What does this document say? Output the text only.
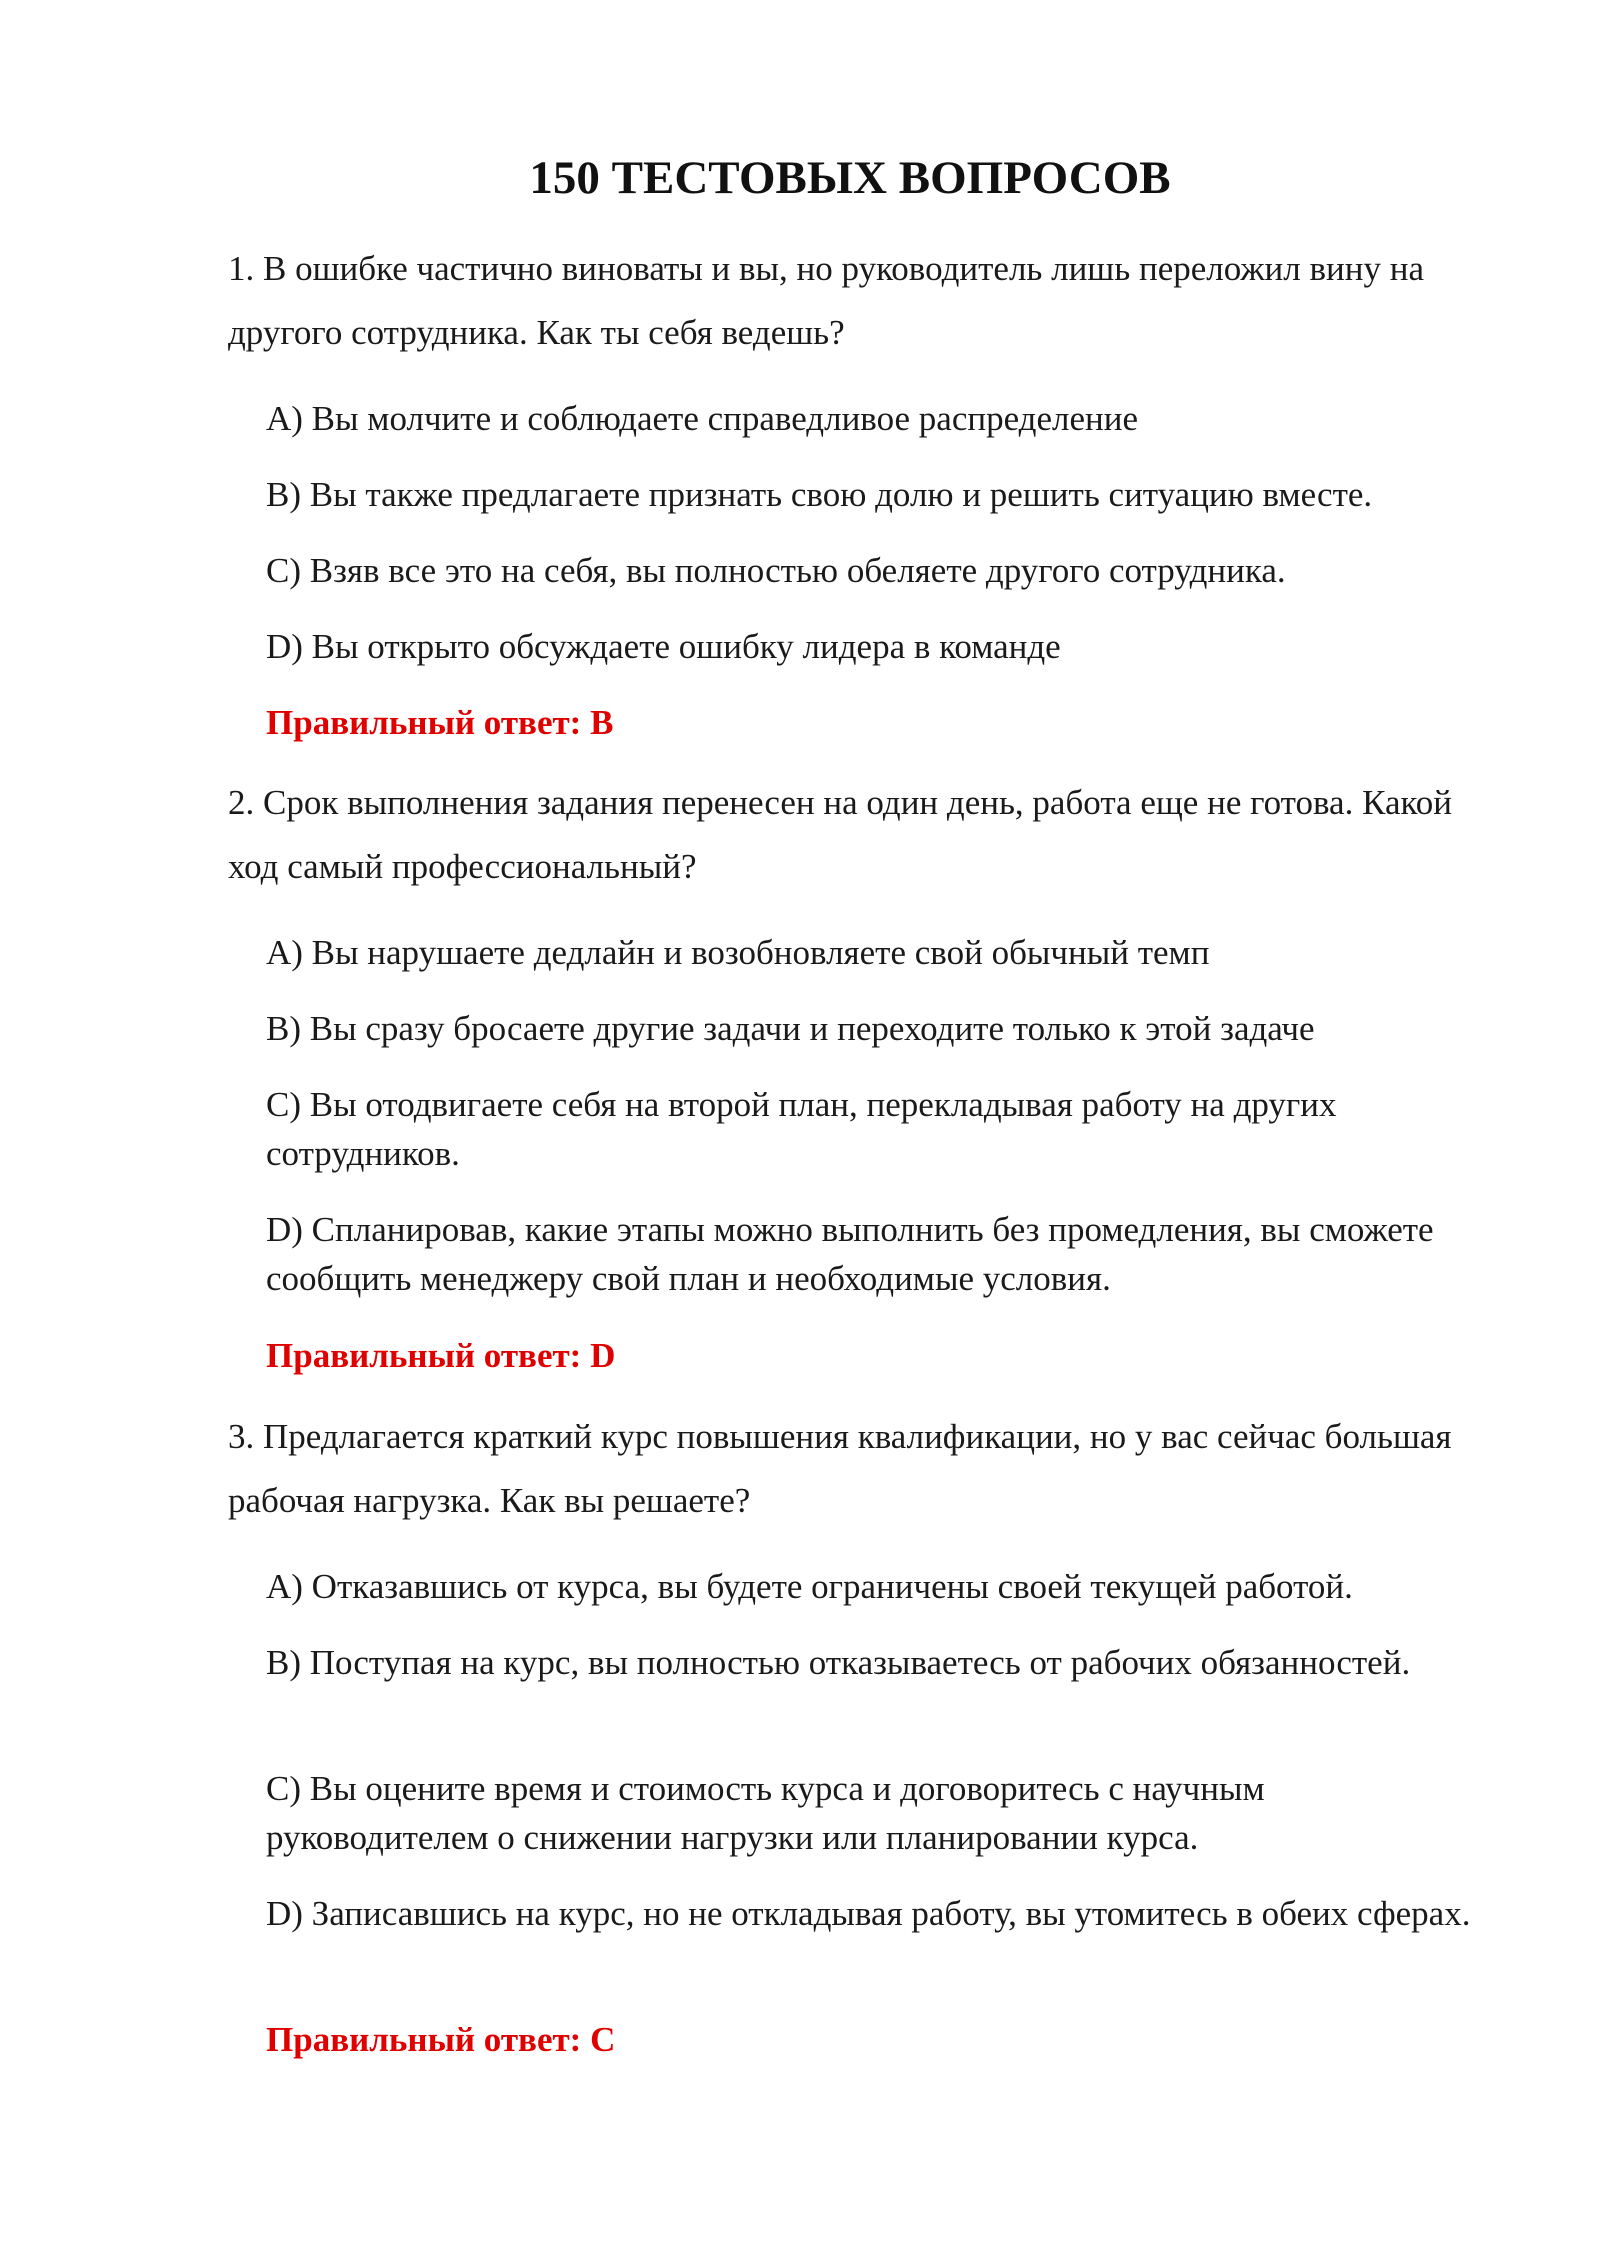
150 ТЕСТОВЫХ ВОПРОСОВ

1. В ошибке частично виноваты и вы, но руководитель лишь переложил вину на другого сотрудника. Как ты себя ведешь?

A) Вы молчите и соблюдаете справедливое распределение

B) Вы также предлагаете признать свою долю и решить ситуацию вместе.

C) Взяв все это на себя, вы полностью обеляете другого сотрудника.

D) Вы открыто обсуждаете ошибку лидера в команде

Правильный ответ: B

2. Срок выполнения задания перенесен на один день, работа еще не готова. Какой ход самый профессиональный?

A) Вы нарушаете дедлайн и возобновляете свой обычный темп

B) Вы сразу бросаете другие задачи и переходите только к этой задаче

C) Вы отодвигаете себя на второй план, перекладывая работу на других сотрудников.

D) Спланировав, какие этапы можно выполнить без промедления, вы сможете сообщить менеджеру свой план и необходимые условия.

Правильный ответ: D

3. Предлагается краткий курс повышения квалификации, но у вас сейчас большая рабочая нагрузка. Как вы решаете?

A) Отказавшись от курса, вы будете ограничены своей текущей работой.

B) Поступая на курс, вы полностью отказываетесь от рабочих обязанностей.

C) Вы оцените время и стоимость курса и договоритесь с научным руководителем о снижении нагрузки или планировании курса.

D) Записавшись на курс, но не откладывая работу, вы утомитесь в обеих сферах.

Правильный ответ: C
